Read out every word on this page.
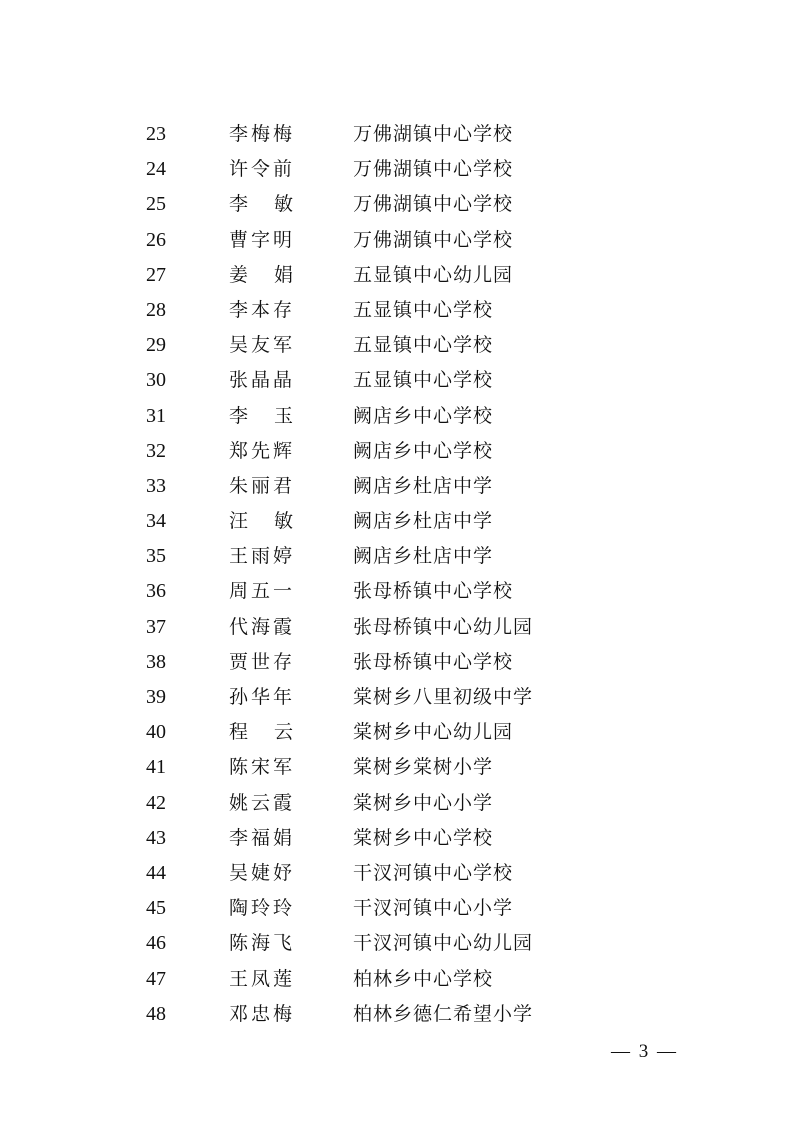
23	李梅梅	万佛湖镇中心学校
24	许令前	万佛湖镇中心学校
25	李敏	万佛湖镇中心学校
26	曹字明	万佛湖镇中心学校
27	姜娟	五显镇中心幼儿园
28	李本存	五显镇中心学校
29	吴友军	五显镇中心学校
30	张晶晶	五显镇中心学校
31	李玉	阙店乡中心学校
32	郑先辉	阙店乡中心学校
33	朱丽君	阙店乡杜店中学
34	汪敏	阙店乡杜店中学
35	王雨婷	阙店乡杜店中学
36	周五一	张母桥镇中心学校
37	代海霞	张母桥镇中心幼儿园
38	贾世存	张母桥镇中心学校
39	孙华年	棠树乡八里初级中学
40	程云	棠树乡中心幼儿园
41	陈宋军	棠树乡棠树小学
42	姚云霞	棠树乡中心小学
43	李福娟	棠树乡中心学校
44	吴婕妤	干汊河镇中心学校
45	陶玲玲	干汊河镇中心小学
46	陈海飞	干汊河镇中心幼儿园
47	王凤莲	柏林乡中心学校
48	邓忠梅	柏林乡德仁希望小学
— 3 —
